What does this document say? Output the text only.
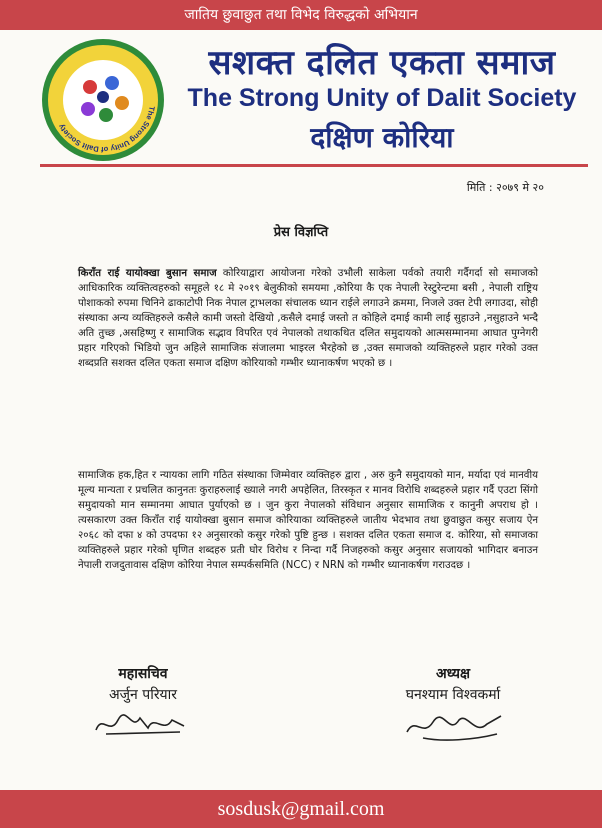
जातिय छुवाछुत तथा विभेद विरुद्धको अभियान
The Strong Unity of Dalit Society
सशक्त दलित एकता समाज
The Strong Unity of Dalit Society
दक्षिण कोरिया
मिति : २०७९ मे २०
प्रेस विज्ञप्ति

किराँत राई यायोक्खा बुसान समाज कोरियाद्वारा आयोजना गरेको उभौली साकेला पर्वको तयारी गर्दैगर्दा सो समाजको आधिकारिक व्यक्तित्वहरुको समूहले १८ मे २०१९ बेलुकीको समयमा ,कोरिया कै एक नेपाली रेस्टुरेन्टमा बसी , नेपाली राष्ट्रिय पोशाकको रुपमा चिनिने ढाकाटोपी निक नेपाल ट्राभलका संचालक ध्यान राईले लगाउने क्रममा, निजले उक्त टेपी लगाउदा, सोही संस्थाका अन्य व्यक्तिहरुले कसैले कामी जस्तो देखियो ,कसैले दमाई जस्तो त कोहिले दमाई कामी लाई सुहाउने ,नसुहाउने भन्दै अति तुच्छ ,असहिष्णु र सामाजिक सद्भाव विपरित एवं नेपालको तथाकथित दलित समुदायको आत्मसम्मानमा आघात पुग्नेगरी प्रहार गरिएको भिडियो जुन अहिले सामाजिक संजालमा भाइरल भैरहेको छ ,उक्त समाजको व्यक्तिहरुले प्रहार गरेको उक्त शब्दप्रति सशक्त दलित एकता समाज दक्षिण कोरियाको गम्भीर ध्यानाकर्षण भएको छ ।

सामाजिक हक,हित र न्यायका लागि गठित संस्थाका जिम्मेवार व्यक्तिहरु द्वारा , अरु कुनै समुदायको मान, मर्यादा एवं मानवीय मूल्य मान्यता र प्रचलित कानुनतः कुराहरुलाई ख्याले नगरी अपहेलित, तिरस्कृत र मानव विरोधि शब्दहरुले प्रहार गर्दै एउटा सिंगो समुदायको मान सम्मानमा आघात पुर्याएको छ । जुन कुरा नेपालको संविधान अनुसार सामाजिक र कानुनी अपराध हो । त्यसकारण उक्त किराँत राई यायोक्खा बुसान समाज कोरियाका व्यक्तिहरुले जातीय भेदभाव तथा छुवाछुत कसुर सजाय ऐन २०६८ को दफा ४ को उपदफा १२ अनुसारको कसुर गरेको पुष्टि हुन्छ । सशक्त दलित एकता समाज द. कोरिया, सो समाजका व्यक्तिहरुले प्रहार गरेको घृणित शब्दहरु प्रती घोर विरोध र निन्दा गर्दै निजहरुको कसुर अनुसार सजायको भागिदार बनाउन नेपाली राजदुतावास दक्षिण कोरिया नेपाल सम्पर्कसमिति (NCC) र NRN को गम्भीर ध्यानाकर्षण गराउदछ ।

महासचिव
अर्जुन परियार
अध्यक्ष
घनश्याम विश्वकर्मा
sosdusk@gmail.com
